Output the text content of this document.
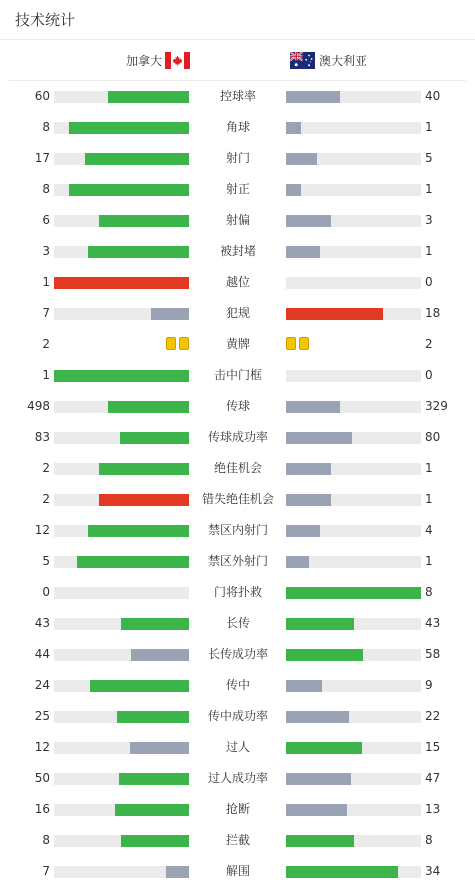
技术统计
加拿大	澳大利亚
60	控球率	40
8	角球	1
17	射门	5
8	射正	1
6	射偏	3
3	被封堵	1
1	越位	0
7	犯规	18
2	黄牌	2
1	击中门框	0
498	传球	329
83	传球成功率	80
2	绝佳机会	1
2	错失绝佳机会	1
12	禁区内射门	4
5	禁区外射门	1
0	门将扑救	8
43	长传	43
44	长传成功率	58
24	传中	9
25	传中成功率	22
12	过人	15
50	过人成功率	47
16	抢断	13
8	拦截	8
7	解围	34
